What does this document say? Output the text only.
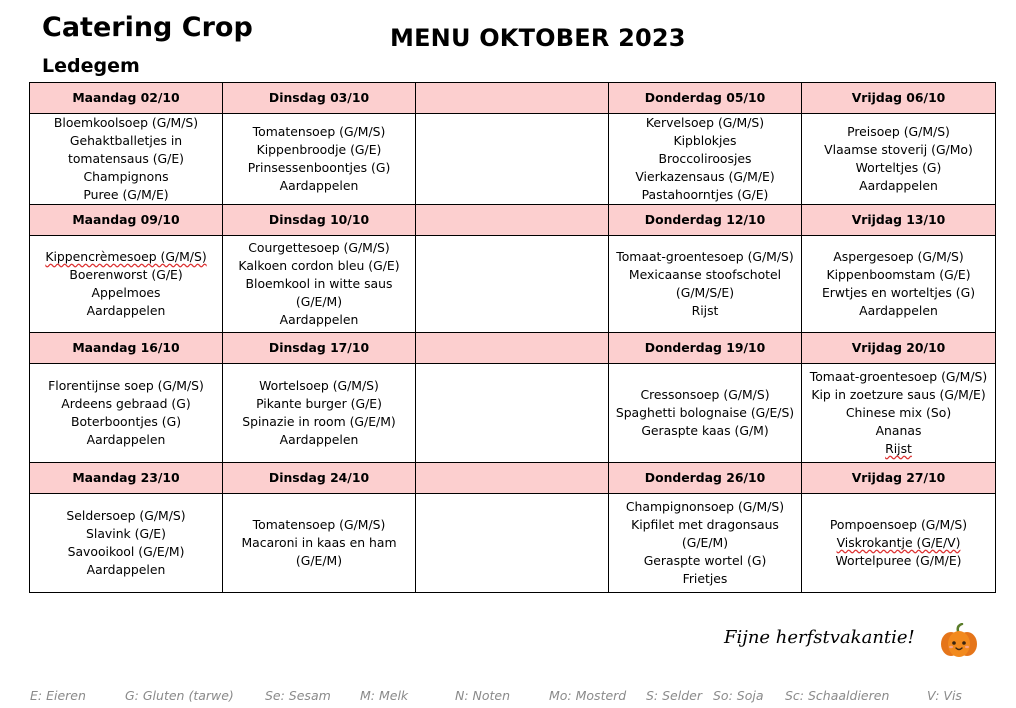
Catering Crop
Ledegem
MENU OKTOBER 2023
Maandag 02/10	Dinsdag 03/10		Donderdag 05/10	Vrijdag 06/10

Bloemkoolsoep (G/M/S)
Gehaktballetjes in
tomatensaus (G/E)
Champignons
Puree (G/M/E)	Tomatensoep (G/M/S)
Kippenbroodje (G/E)
Prinsessenboontjes (G)
Aardappelen		Kervelsoep (G/M/S)
Kipblokjes
Broccoliroosjes
Vierkazensaus (G/M/E)
Pastahoorntjes (G/E)	Preisoep (G/M/S)
Vlaamse stoverij (G/Mo)
Worteltjes (G)
Aardappelen

Maandag 09/10	Dinsdag 10/10		Donderdag 12/10	Vrijdag 13/10

Kippencrèmesoep (G/M/S)
Boerenworst (G/E)
Appelmoes
Aardappelen	Courgettesoep (G/M/S)
Kalkoen cordon bleu (G/E)
Bloemkool in witte saus
(G/E/M)
Aardappelen		Tomaat-groentesoep (G/M/S)
Mexicaanse stoofschotel
(G/M/S/E)
Rijst	Aspergesoep (G/M/S)
Kippenboomstam (G/E)
Erwtjes en worteltjes (G)
Aardappelen

Maandag 16/10	Dinsdag 17/10		Donderdag 19/10	Vrijdag 20/10

Florentijnse soep (G/M/S)
Ardeens gebraad (G)
Boterboontjes (G)
Aardappelen	Wortelsoep (G/M/S)
Pikante burger (G/E)
Spinazie in room (G/E/M)
Aardappelen		Cressonsoep (G/M/S)
Spaghetti bolognaise (G/E/S)
Geraspte kaas (G/M)	Tomaat-groentesoep (G/M/S)
Kip in zoetzure saus (G/M/E)
Chinese mix (So)
Ananas
Rijst

Maandag 23/10	Dinsdag 24/10		Donderdag 26/10	Vrijdag 27/10

Seldersoep (G/M/S)
Slavink (G/E)
Savooikool (G/E/M)
Aardappelen	Tomatensoep (G/M/S)
Macaroni in kaas en ham
(G/E/M)		Champignonsoep (G/M/S)
Kipfilet met dragonsaus
(G/E/M)
Geraspte wortel (G)
Frietjes	Pompoensoep (G/M/S)
Viskrokantje (G/E/V)
Wortelpuree (G/M/E)
Fijne herfstvakantie!
E: Eieren	G: Gluten (tarwe) Se: Sesam M: Melk	N: Noten	Mo: Mosterd S: Selder So: Soja Sc: Schaaldieren	V: Vis
